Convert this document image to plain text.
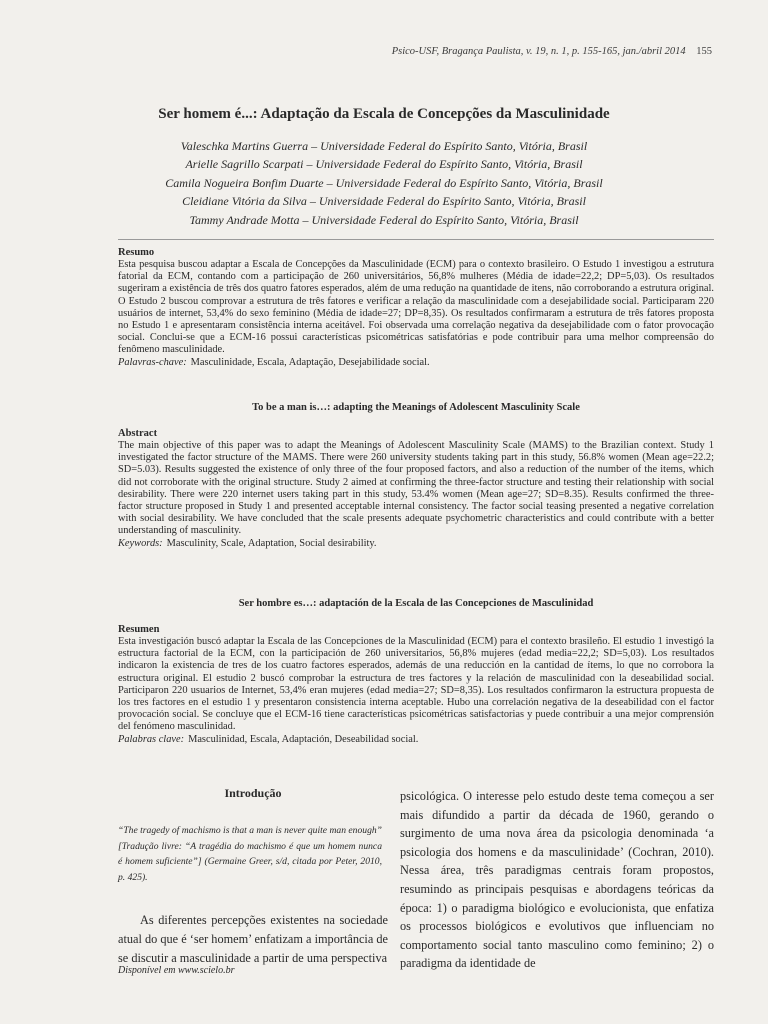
Psico-USF, Bragança Paulista, v. 19, n. 1, p. 155-165, jan./abril 2014 155
Ser homem é...: Adaptação da Escala de Concepções da Masculinidade
Valeschka Martins Guerra – Universidade Federal do Espírito Santo, Vitória, Brasil
Arielle Sagrillo Scarpati – Universidade Federal do Espírito Santo, Vitória, Brasil
Camila Nogueira Bonfim Duarte – Universidade Federal do Espírito Santo, Vitória, Brasil
Cleidiane Vitória da Silva – Universidade Federal do Espírito Santo, Vitória, Brasil
Tammy Andrade Motta – Universidade Federal do Espírito Santo, Vitória, Brasil
Resumo

Esta pesquisa buscou adaptar a Escala de Concepções da Masculinidade (ECM) para o contexto brasileiro. O Estudo 1 investigou a estrutura fatorial da ECM, contando com a participação de 260 universitários, 56,8% mulheres (Média de idade=22,2; DP=5,03). Os resultados sugeriram a existência de três dos quatro fatores esperados, além de uma redução na quantidade de itens, não corroborando a estrutura original. O Estudo 2 buscou comprovar a estrutura de três fatores e verificar a relação da masculinidade com a desejabilidade social. Participaram 220 usuários de internet, 53,4% do sexo feminino (Média de idade=27; DP=8,35). Os resultados confirmaram a estrutura de três fatores proposta no Estudo 1 e apresentaram consistência interna aceitável. Foi observada uma correlação negativa da desejabilidade com o fator provocação social. Conclui-se que a ECM-16 possui características psicométricas satisfatórias e pode contribuir para uma melhor compreensão do fenômeno masculinidade.

Palavras-chave: Masculinidade, Escala, Adaptação, Desejabilidade social.
To be a man is…: adapting the Meanings of Adolescent Masculinity Scale
Abstract

The main objective of this paper was to adapt the Meanings of Adolescent Masculinity Scale (MAMS) to the Brazilian context. Study 1 investigated the factor structure of the MAMS. There were 260 university students taking part in this study, 56.8% women (Mean age=22.2; SD=5.03). Results suggested the existence of only three of the four proposed factors, and also a reduction of the number of the items, which did not corroborate with the original structure. Study 2 aimed at confirming the three-factor structure and testing their relationship with social desirability. There were 220 internet users taking part in this study, 53.4% women (Mean age=27; SD=8.35). Results confirmed the three-factor structure proposed in Study 1 and presented acceptable internal consistency. The factor social teasing presented a negative correlation with social desirability. We have concluded that the scale presents adequate psychometric characteristics and could contribute with a better understanding of masculinity.

Keywords: Masculinity, Scale, Adaptation, Social desirability.
Ser hombre es…: adaptación de la Escala de las Concepciones de Masculinidad
Resumen

Esta investigación buscó adaptar la Escala de las Concepciones de la Masculinidad (ECM) para el contexto brasileño. El estudio 1 investigó la estructura factorial de la ECM, con la participación de 260 universitarios, 56,8% mujeres (edad media=22,2; SD=5,03). Los resultados indicaron la existencia de tres de los cuatro factores esperados, además de una reducción en la cantidad de ítems, lo que no corrobora la estructura original. El estudio 2 buscó comprobar la estructura de tres factores y la relación de masculinidad con la deseabilidad social. Participaron 220 usuarios de Internet, 53,4% eran mujeres (edad media=27; SD=8,35). Los resultados confirmaron la estructura propuesta de los tres factores en el estudio 1 y presentaron consistencia interna aceptable. Hubo una correlación negativa de la deseabilidad con el factor provocación social. Se concluye que el ECM-16 tiene características psicométricas satisfactorias y puede contribuir a una mejor comprensión del fenómeno masculinidad.

Palabras clave: Masculinidad, Escala, Adaptación, Deseabilidad social.
Introdução

“The tragedy of machismo is that a man is never quite man enough” [Tradução livre: “A tragédia do machismo é que um homem nunca é homem suficiente”] (Germaine Greer, s/d, citada por Peter, 2010, p. 425).

As diferentes percepções existentes na sociedade atual do que é ‘ser homem’ enfatizam a importância de se discutir a masculinidade a partir de uma perspectiva

psicológica. O interesse pelo estudo deste tema começou a ser mais difundido a partir da década de 1960, gerando o surgimento de uma nova área da psicologia denominada ‘a psicologia dos homens e da masculinidade’ (Cochran, 2010). Nessa área, três paradigmas centrais foram propostos, resumindo as principais pesquisas e abordagens teóricas da época: 1) o paradigma biológico e evolucionista, que enfatiza os processos biológicos e evolutivos que influenciam no comportamento social tanto masculino como feminino; 2) o paradigma da identidade de

Disponível em www.scielo.br
